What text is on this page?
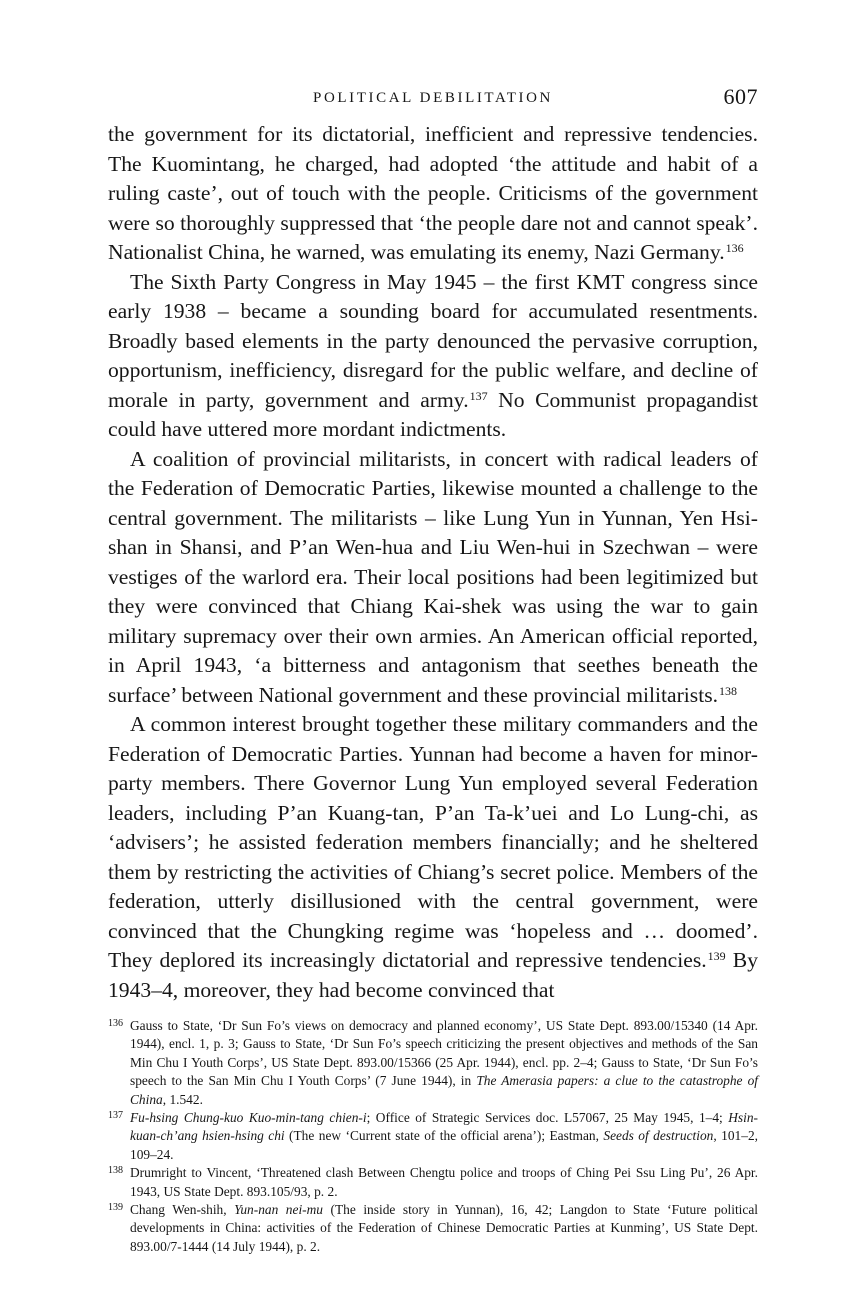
POLITICAL DEBILITATION	607

the government for its dictatorial, inefficient and repressive tendencies. The Kuomintang, he charged, had adopted ‘the attitude and habit of a ruling caste’, out of touch with the people. Criticisms of the government were so thoroughly suppressed that ‘the people dare not and cannot speak’. Nationalist China, he warned, was emulating its enemy, Nazi Germany.$^{136}$

The Sixth Party Congress in May 1945 – the first KMT congress since early 1938 – became a sounding board for accumulated resentments. Broadly based elements in the party denounced the pervasive corruption, opportunism, inefficiency, disregard for the public welfare, and decline of morale in party, government and army.$^{137}$ No Communist propagandist could have uttered more mordant indictments.

A coalition of provincial militarists, in concert with radical leaders of the Federation of Democratic Parties, likewise mounted a challenge to the central government. The militarists – like Lung Yun in Yunnan, Yen Hsi-shan in Shansi, and P’an Wen-hua and Liu Wen-hui in Szechwan – were vestiges of the warlord era. Their local positions had been legitimized but they were convinced that Chiang Kai-shek was using the war to gain military supremacy over their own armies. An American official reported, in April 1943, ‘a bitterness and antagonism that seethes beneath the surface’ between National government and these provincial militarists.$^{138}$

A common interest brought together these military commanders and the Federation of Democratic Parties. Yunnan had become a haven for minor-party members. There Governor Lung Yun employed several Federation leaders, including P’an Kuang-tan, P’an Ta-k’uei and Lo Lung-chi, as ‘advisers’; he assisted federation members financially; and he sheltered them by restricting the activities of Chiang’s secret police. Members of the federation, utterly disillusioned with the central government, were convinced that the Chungking regime was ‘hopeless and … doomed’. They deplored its increasingly dictatorial and repressive tendencies.$^{139}$ By 1943–4, moreover, they had become convinced that

136 Gauss to State, ‘Dr Sun Fo’s views on democracy and planned economy’, US State Dept. 893.00/15340 (14 Apr. 1944), encl. 1, p. 3; Gauss to State, ‘Dr Sun Fo’s speech criticizing the present objectives and methods of the San Min Chu I Youth Corps’, US State Dept. 893.00/15366 (25 Apr. 1944), encl. pp. 2–4; Gauss to State, ‘Dr Sun Fo’s speech to the San Min Chu I Youth Corps’ (7 June 1944), in The Amerasia papers: a clue to the catastrophe of China, 1.542.
137 Fu-hsing Chung-kuo Kuo-min-tang chien-i; Office of Strategic Services doc. L57067, 25 May 1945, 1–4; Hsin-kuan-ch’ang hsien-hsing chi (The new ‘Current state of the official arena’); Eastman, Seeds of destruction, 101–2, 109–24.
138 Drumright to Vincent, ‘Threatened clash Between Chengtu police and troops of Ching Pei Ssu Ling Pu’, 26 Apr. 1943, US State Dept. 893.105/93, p. 2.
139 Chang Wen-shih, Yun-nan nei-mu (The inside story in Yunnan), 16, 42; Langdon to State ‘Future political developments in China: activities of the Federation of Chinese Democratic Parties at Kunming’, US State Dept. 893.00/7-1444 (14 July 1944), p. 2.
